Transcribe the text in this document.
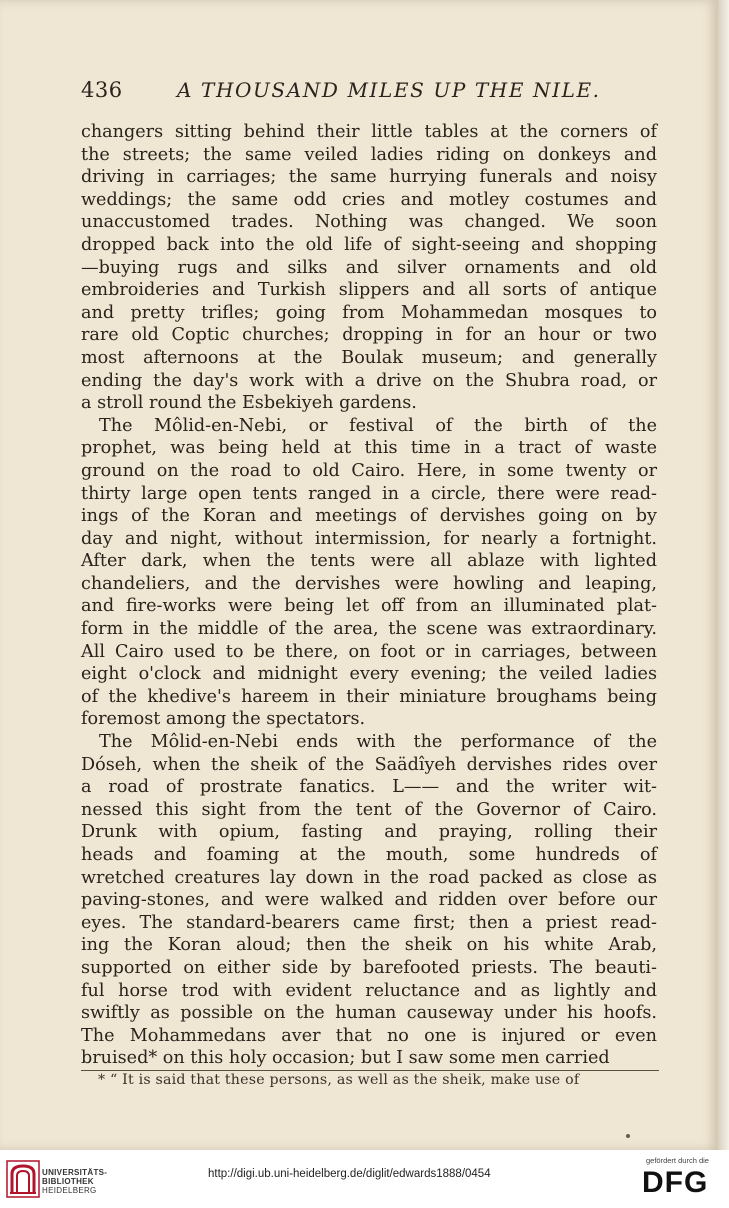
436	A THOUSAND MILES UP THE NILE.
changers sitting behind their little tables at the corners of
the streets; the same veiled ladies riding on donkeys and
driving in carriages; the same hurrying funerals and noisy
weddings; the same odd cries and motley costumes and
unaccustomed trades. Nothing was changed. We soon
dropped back into the old life of sight-seeing and shopping
—buying rugs and silks and silver ornaments and old
embroideries and Turkish slippers and all sorts of antique
and pretty trifles; going from Mohammedan mosques to
rare old Coptic churches; dropping in for an hour or two
most afternoons at the Boulak museum; and generally
ending the day's work with a drive on the Shubra road, or
a stroll round the Esbekiyeh gardens.
The Môlid-en-Nebi, or festival of the birth of the
prophet, was being held at this time in a tract of waste
ground on the road to old Cairo. Here, in some twenty or
thirty large open tents ranged in a circle, there were read-
ings of the Koran and meetings of dervishes going on by
day and night, without intermission, for nearly a fortnight.
After dark, when the tents were all ablaze with lighted
chandeliers, and the dervishes were howling and leaping,
and fire-works were being let off from an illuminated plat-
form in the middle of the area, the scene was extraordinary.
All Cairo used to be there, on foot or in carriages, between
eight o'clock and midnight every evening; the veiled ladies
of the khedive's hareem in their miniature broughams being
foremost among the spectators.
The Môlid-en-Nebi ends with the performance of the
Dóseh, when the sheik of the Saädîyeh dervishes rides over
a road of prostrate fanatics. L—— and the writer wit-
nessed this sight from the tent of the Governor of Cairo.
Drunk with opium, fasting and praying, rolling their
heads and foaming at the mouth, some hundreds of
wretched creatures lay down in the road packed as close as
paving-stones, and were walked and ridden over before our
eyes. The standard-bearers came first; then a priest read-
ing the Koran aloud; then the sheik on his white Arab,
supported on either side by barefooted priests. The beauti-
ful horse trod with evident reluctance and as lightly and
swiftly as possible on the human causeway under his hoofs.
The Mohammedans aver that no one is injured or even
bruised* on this holy occasion; but I saw some men carried
* “ It is said that these persons, as well as the sheik, make use of
UNIVERSITÄTS-
BIBLIOTHEK
HEIDELBERG
http://digi.ub.uni-heidelberg.de/diglit/edwards1888/0454
gefördert durch die
DFG
